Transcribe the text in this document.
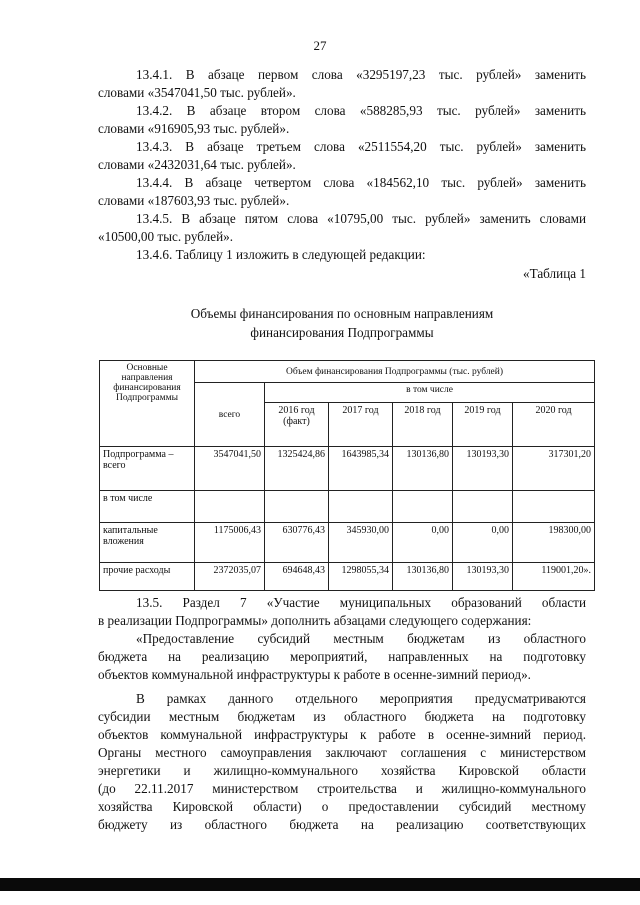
27
13.4.1. В абзаце первом слова «3295197,23 тыс. рублей» заменить
словами «3547041,50 тыс. рублей».
13.4.2. В абзаце втором слова «588285,93 тыс. рублей» заменить
словами «916905,93 тыс. рублей».
13.4.3. В абзаце третьем слова «2511554,20 тыс. рублей» заменить
словами «2432031,64 тыс. рублей».
13.4.4. В абзаце четвертом слова «184562,10 тыс. рублей» заменить
словами «187603,93 тыс. рублей».
13.4.5. В абзаце пятом слова «10795,00 тыс. рублей» заменить словами
«10500,00 тыс. рублей».
13.4.6. Таблицу 1 изложить в следующей редакции:
«Таблица 1
Объемы финансирования по основным направлениям
финансирования Подпрограммы
Основные направления финансирования Подпрограммы	Объем финансирования Подпрограммы (тыс. рублей)					
	всего	в том числе				
		2016 год (факт)	2017 год	2018 год	2019 год	2020 год
Подпрограмма – всего	3547041,50	1325424,86	1643985,34	130136,80	130193,30	317301,20
в том числе						
капитальные вложения	1175006,43	630776,43	345930,00	0,00	0,00	198300,00
прочие расходы	2372035,07	694648,43	1298055,34	130136,80	130193,30	119001,20».
13.5. Раздел 7 «Участие муниципальных образований области
в реализации Подпрограммы» дополнить абзацами следующего содержания:
«Предоставление субсидий местным бюджетам из областного
бюджета на реализацию мероприятий, направленных на подготовку
объектов коммунальной инфраструктуры к работе в осенне-зимний период».
В рамках данного отдельного мероприятия предусматриваются
субсидии местным бюджетам из областного бюджета на подготовку
объектов коммунальной инфраструктуры к работе в осенне-зимний период.
Органы местного самоуправления заключают соглашения с министерством
энергетики и жилищно-коммунального хозяйства Кировской области
(до 22.11.2017 министерством строительства и жилищно-коммунального
хозяйства Кировской области) о предоставлении субсидий местному
бюджету из областного бюджета на реализацию соответствующих
